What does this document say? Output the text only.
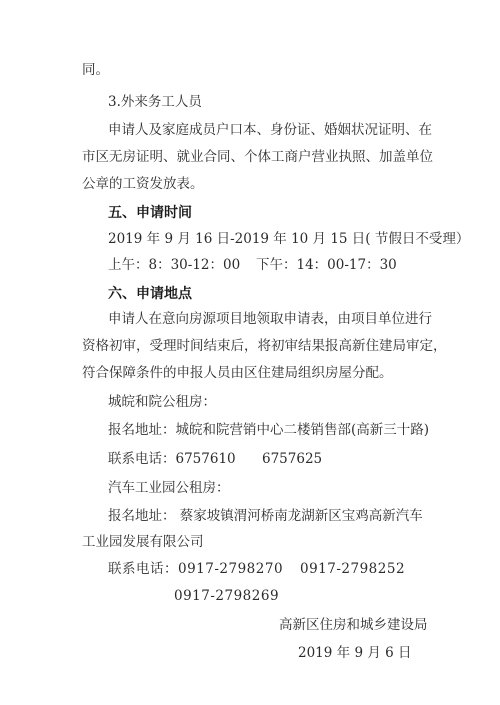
同。
3.外来务工人员
申请人及家庭成员户口本、身份证、婚姻状况证明、在
市区无房证明、就业合同、个体工商户营业执照、加盖单位
公章的工资发放表。
五、申请时间
2019 年 9 月 16 日-2019 年 10 月 15 日( 节假日不受理）
上午：8：30-12：00 下午：14：00-17：30
六、申请地点
申请人在意向房源项目地领取申请表，由项目单位进行
资格初审，受理时间结束后，将初审结果报高新住建局审定，
符合保障条件的申报人员由区住建局组织房屋分配。
城皖和院公租房：
报名地址：城皖和院营销中心二楼销售部(高新三十路)
联系电话：6757610 6757625
汽车工业园公租房：
报名地址： 蔡家坡镇渭河桥南龙湖新区宝鸡高新汽车
工业园发展有限公司
联系电话：0917-2798270 0917-2798252
0917-2798269
高新区住房和城乡建设局
2019 年 9 月 6 日
